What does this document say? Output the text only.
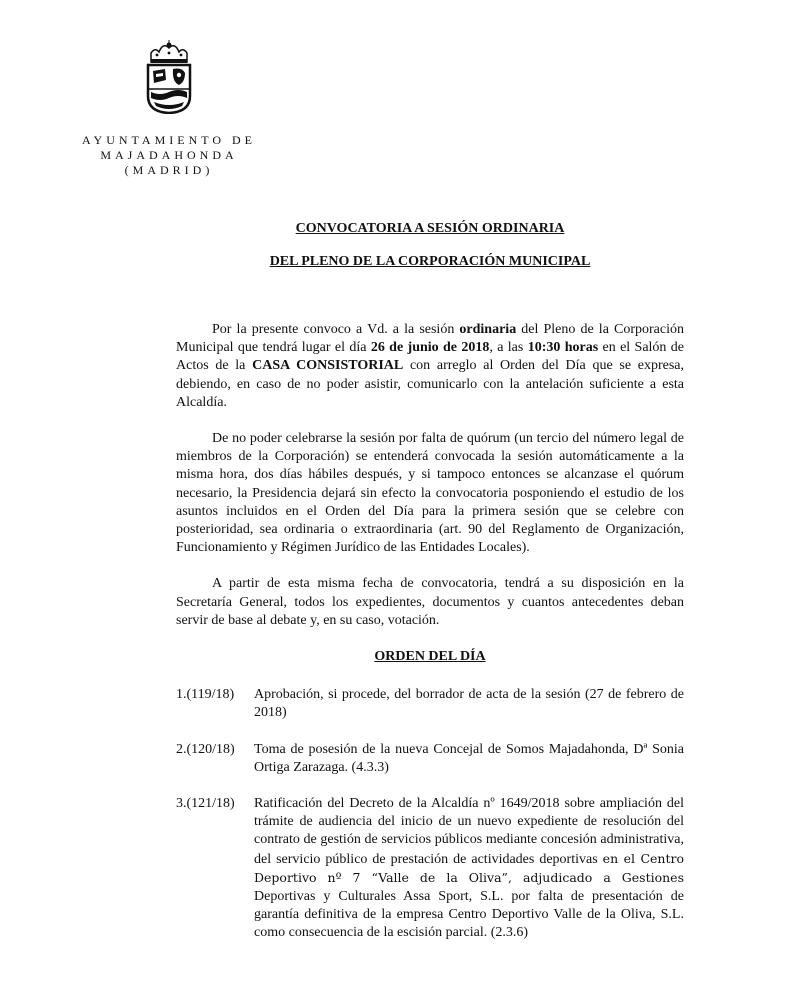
AYUNTAMIENTO DE
MAJADAHONDA
(MADRID)
CONVOCATORIA A SESIÓN ORDINARIA
DEL PLENO DE LA CORPORACIÓN MUNICIPAL

Por la presente convoco a Vd. a la sesión ordinaria del Pleno de la Corporación Municipal que tendrá lugar el día 26 de junio de 2018, a las 10:30 horas en el Salón de Actos de la CASA CONSISTORIAL con arreglo al Orden del Día que se expresa, debiendo, en caso de no poder asistir, comunicarlo con la antelación suficiente a esta Alcaldía.

De no poder celebrarse la sesión por falta de quórum (un tercio del número legal de miembros de la Corporación) se entenderá convocada la sesión automáticamente a la misma hora, dos días hábiles después, y si tampoco entonces se alcanzase el quórum necesario, la Presidencia dejará sin efecto la convocatoria posponiendo el estudio de los asuntos incluidos en el Orden del Día para la primera sesión que se celebre con posterioridad, sea ordinaria o extraordinaria (art. 90 del Reglamento de Organización, Funcionamiento y Régimen Jurídico de las Entidades Locales).

A partir de esta misma fecha de convocatoria, tendrá a su disposición en la Secretaría General, todos los expedientes, documentos y cuantos antecedentes deban servir de base al debate y, en su caso, votación.

ORDEN DEL DÍA
1.(119/18)	Aprobación, si procede, del borrador de acta de la sesión (27 de febrero de 2018)
2.(120/18)	Toma de posesión de la nueva Concejal de Somos Majadahonda, Dª Sonia Ortiga Zarazaga. (4.3.3)
3.(121/18)	Ratificación del Decreto de la Alcaldía nº 1649/2018 sobre ampliación del trámite de audiencia del inicio de un nuevo expediente de resolución del contrato de gestión de servicios públicos mediante concesión administrativa, del servicio público de prestación de actividades deportivas en el Centro Deportivo nº 7 “Valle de la Oliva”, adjudicado a Gestiones Deportivas y Culturales Assa Sport, S.L. por falta de presentación de garantía definitiva de la empresa Centro Deportivo Valle de la Oliva, S.L. como consecuencia de la escisión parcial. (2.3.6)
